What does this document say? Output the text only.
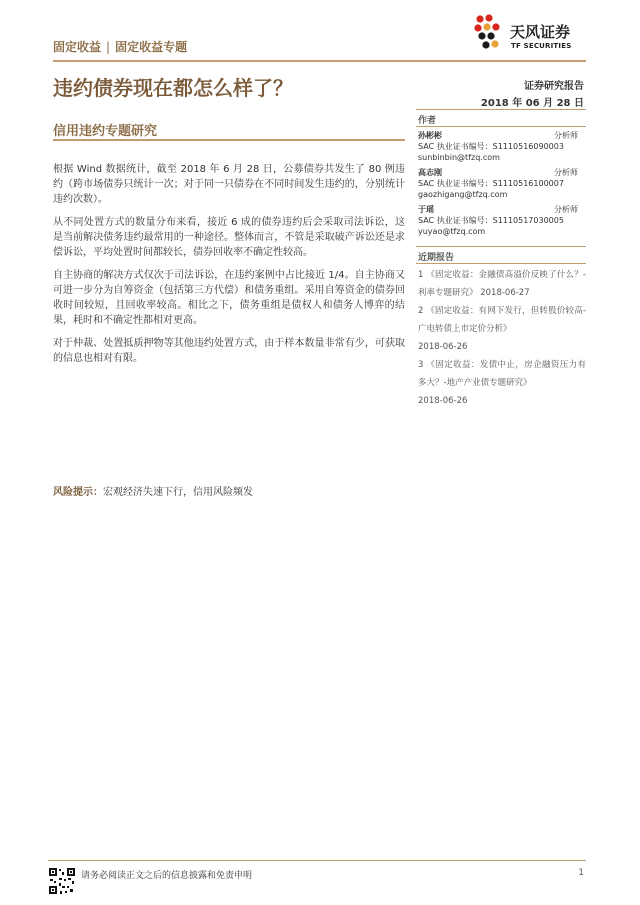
固定收益 | 固定收益专题
天风证券
TF SECURITIES
违约债券现在都怎么样了？
信用违约专题研究
证券研究报告
2018 年 06 月 28 日
作者
孙彬彬	分析师
SAC 执业证书编号：S1110516090003
sunbinbin@tfzq.com
高志刚	分析师
SAC 执业证书编号：S1110516100007
gaozhigang@tfzq.com
于瑶	分析师
SAC 执业证书编号：S1110517030005
yuyao@tfzq.com
近期报告
1 《固定收益：金融债高溢价反映了什么？-利率专题研究》 2018-06-27
2 《固定收益：有网下发行，但转股价较高-广电转债上市定价分析》
2018-06-26
3 《固定收益：发债中止，房企融资压力有多大？-地产产业债专题研究》
2018-06-26

根据 Wind 数据统计，截至 2018 年 6 月 28 日，公募债券共发生了 80 例违约（跨市场债券只统计一次；对于同一只债券在不同时间发生违约的，分别统计违约次数）。

从不同处置方式的数量分布来看，接近 6 成的债券违约后会采取司法诉讼，这是当前解决债务违约最常用的一种途径。整体而言，不管是采取破产诉讼还是求偿诉讼，平均处置时间都较长，债券回收率不确定性较高。

自主协商的解决方式仅次于司法诉讼，在违约案例中占比接近 1/4。自主协商又可进一步分为自筹资金（包括第三方代偿）和债务重组。采用自筹资金的债券回收时间较短，且回收率较高。相比之下，债务重组是债权人和债务人博弈的结果，耗时和不确定性都相对更高。

对于仲裁、处置抵质押物等其他违约处置方式，由于样本数量非常有少，可获取的信息也相对有限。

风险提示：宏观经济失速下行，信用风险频发
请务必阅读正文之后的信息披露和免责申明	1
